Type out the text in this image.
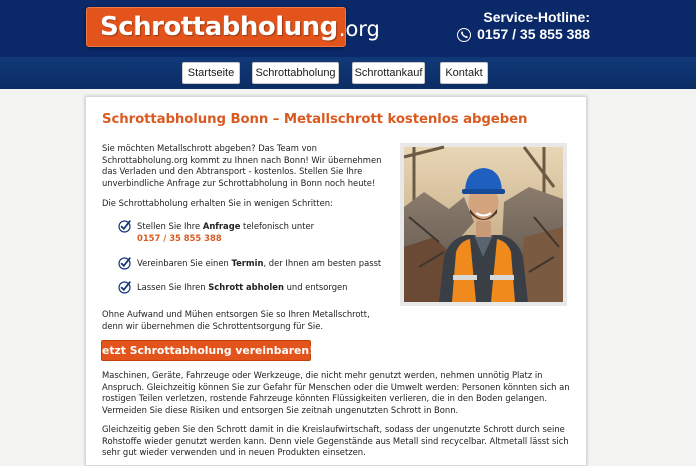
Schrottabholung .org	Service-Hotline:
0157 / 35 855 388
Startseite	Schrottabholung	Schrottankauf	Kontakt
Schrottabholung Bonn – Metallschrott kostenlos abgeben
Sie möchten Metallschrott abgeben? Das Team von Schrottabholung.org kommt zu Ihnen nach Bonn! Wir übernehmen das Verladen und den Abtransport - kostenlos. Stellen Sie Ihre unverbindliche Anfrage zur Schrottabholung in Bonn noch heute!
Die Schrottabholung erhalten Sie in wenigen Schritten:
Stellen Sie Ihre Anfrage telefonisch unter
0157 / 35 855 388
Vereinbaren Sie einen Termin, der Ihnen am besten passt
Lassen Sie Ihren Schrott abholen und entsorgen
Ohne Aufwand und Mühen entsorgen Sie so Ihren Metallschrott, denn wir übernehmen die Schrottentsorgung für Sie.
Jetzt Schrottabholung vereinbaren!
Maschinen, Geräte, Fahrzeuge oder Werkzeuge, die nicht mehr genutzt werden, nehmen unnötig Platz in Anspruch. Gleichzeitig können Sie zur Gefahr für Menschen oder die Umwelt werden: Personen könnten sich an rostigen Teilen verletzen, rostende Fahrzeuge könnten Flüssigkeiten verlieren, die in den Boden gelangen. Vermeiden Sie diese Risiken und entsorgen Sie zeitnah ungenutzten Schrott in Bonn.
Gleichzeitig geben Sie den Schrott damit in die Kreislaufwirtschaft, sodass der ungenutzte Schrott durch seine Rohstoffe wieder genutzt werden kann. Denn viele Gegenstände aus Metall sind recycelbar. Altmetall lässt sich sehr gut wieder verwenden und in neuen Produkten einsetzen.
